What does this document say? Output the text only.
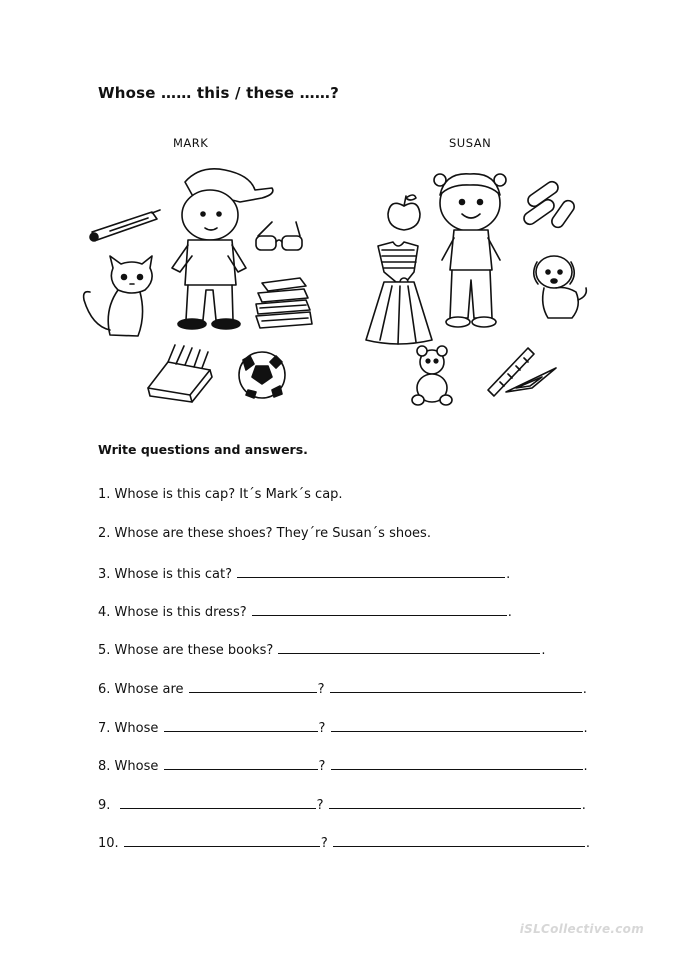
Whose …… this / these ……?
MARK	SUSAN
Write questions and answers.
1. Whose is this cap? It´s Mark´s cap.
2. Whose are these shoes? They´re Susan´s shoes.
3. Whose is this cat?	.
4. Whose is this dress?	.
5. Whose are these books?	.
6. Whose are	?	.
7. Whose	?	.
8. Whose	?	.
9.	?	.
10.	?	.
iSLCollective.com
